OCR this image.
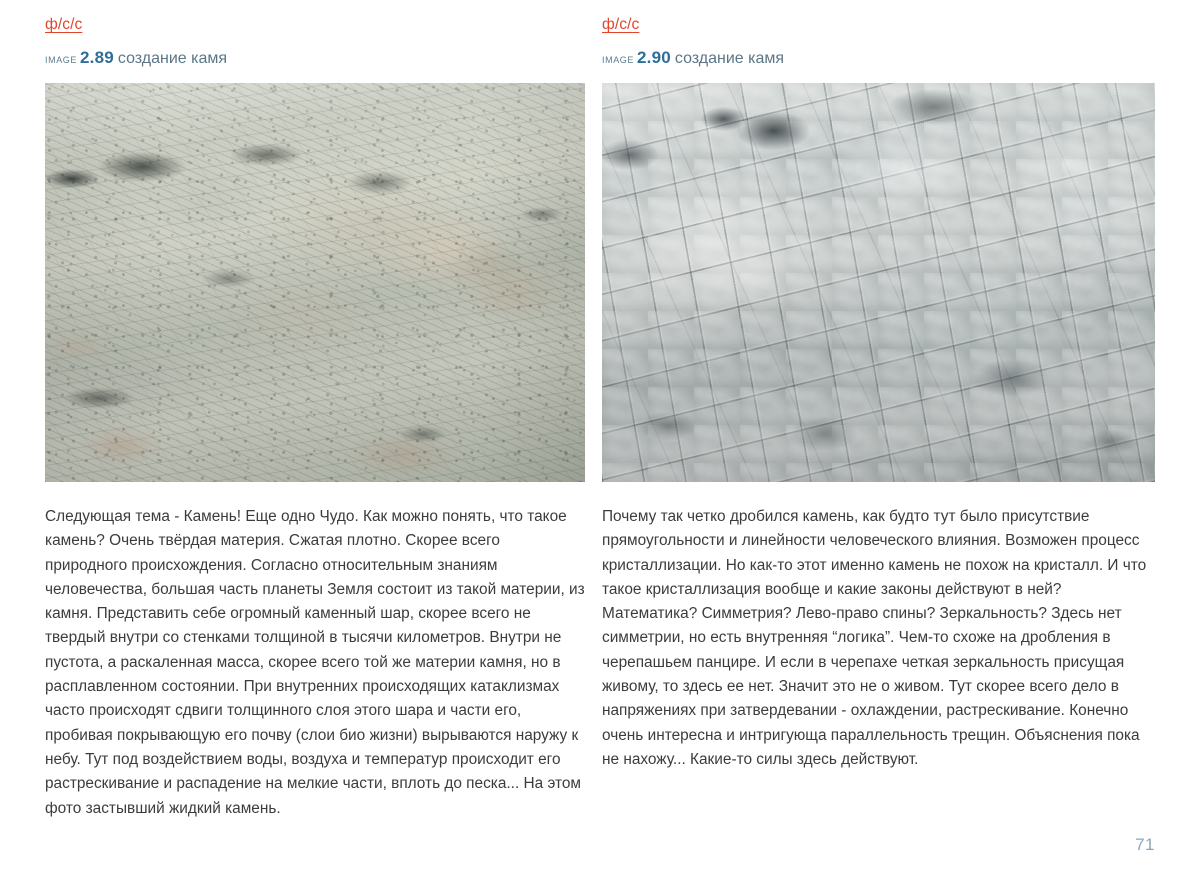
ф/с/с
image 2.89 создание камя
Следующая тема - Камень! Еще одно Чудо. Как можно понять, что такое камень? Очень твёрдая материя. Сжатая плотно. Скорее всего природного происхождения. Согласно относительным знаниям человечества, большая часть планеты Земля состоит из такой материи, из камня. Представить себе огромный каменный шар, скорее всего не твердый внутри со стенками толщиной в тысячи километров. Внутри не пустота, а раскаленная масса, скорее всего той же материи камня, но в расплавленном состоянии. При внутренних происходящих катаклизмах часто происходят сдвиги толщинного слоя этого шара и части его, пробивая покрывающую его почву (слои био жизни) вырываются наружу к небу. Тут под воздействием воды, воздуха и температур происходит его растрескивание и распадение на мелкие части, вплоть до песка... На этом фото застывший жидкий камень.
ф/с/с
image 2.90 создание камя
Почему так четко дробился камень, как будто тут было присутствие прямоугольности и линейности человеческого влияния. Возможен процесс кристаллизации. Но как-то этот именно камень не похож на кристалл. И что такое кристаллизация вообще и какие законы действуют в ней? Математика? Симметрия? Лево-право спины? Зеркальность? Здесь нет симметрии, но есть внутренняя “логика”. Чем-то схоже на дробления в черепашьем панцире. И если в черепахе четкая зеркальность присущая живому, то здесь ее нет. Значит это не о живом. Тут скорее всего дело в напряжениях при затвердевании - охлаждении, растрескивание. Конечно очень интересна и интригующа параллельность трещин. Объяснения пока не нахожу... Какие-то силы здесь действуют.
71
